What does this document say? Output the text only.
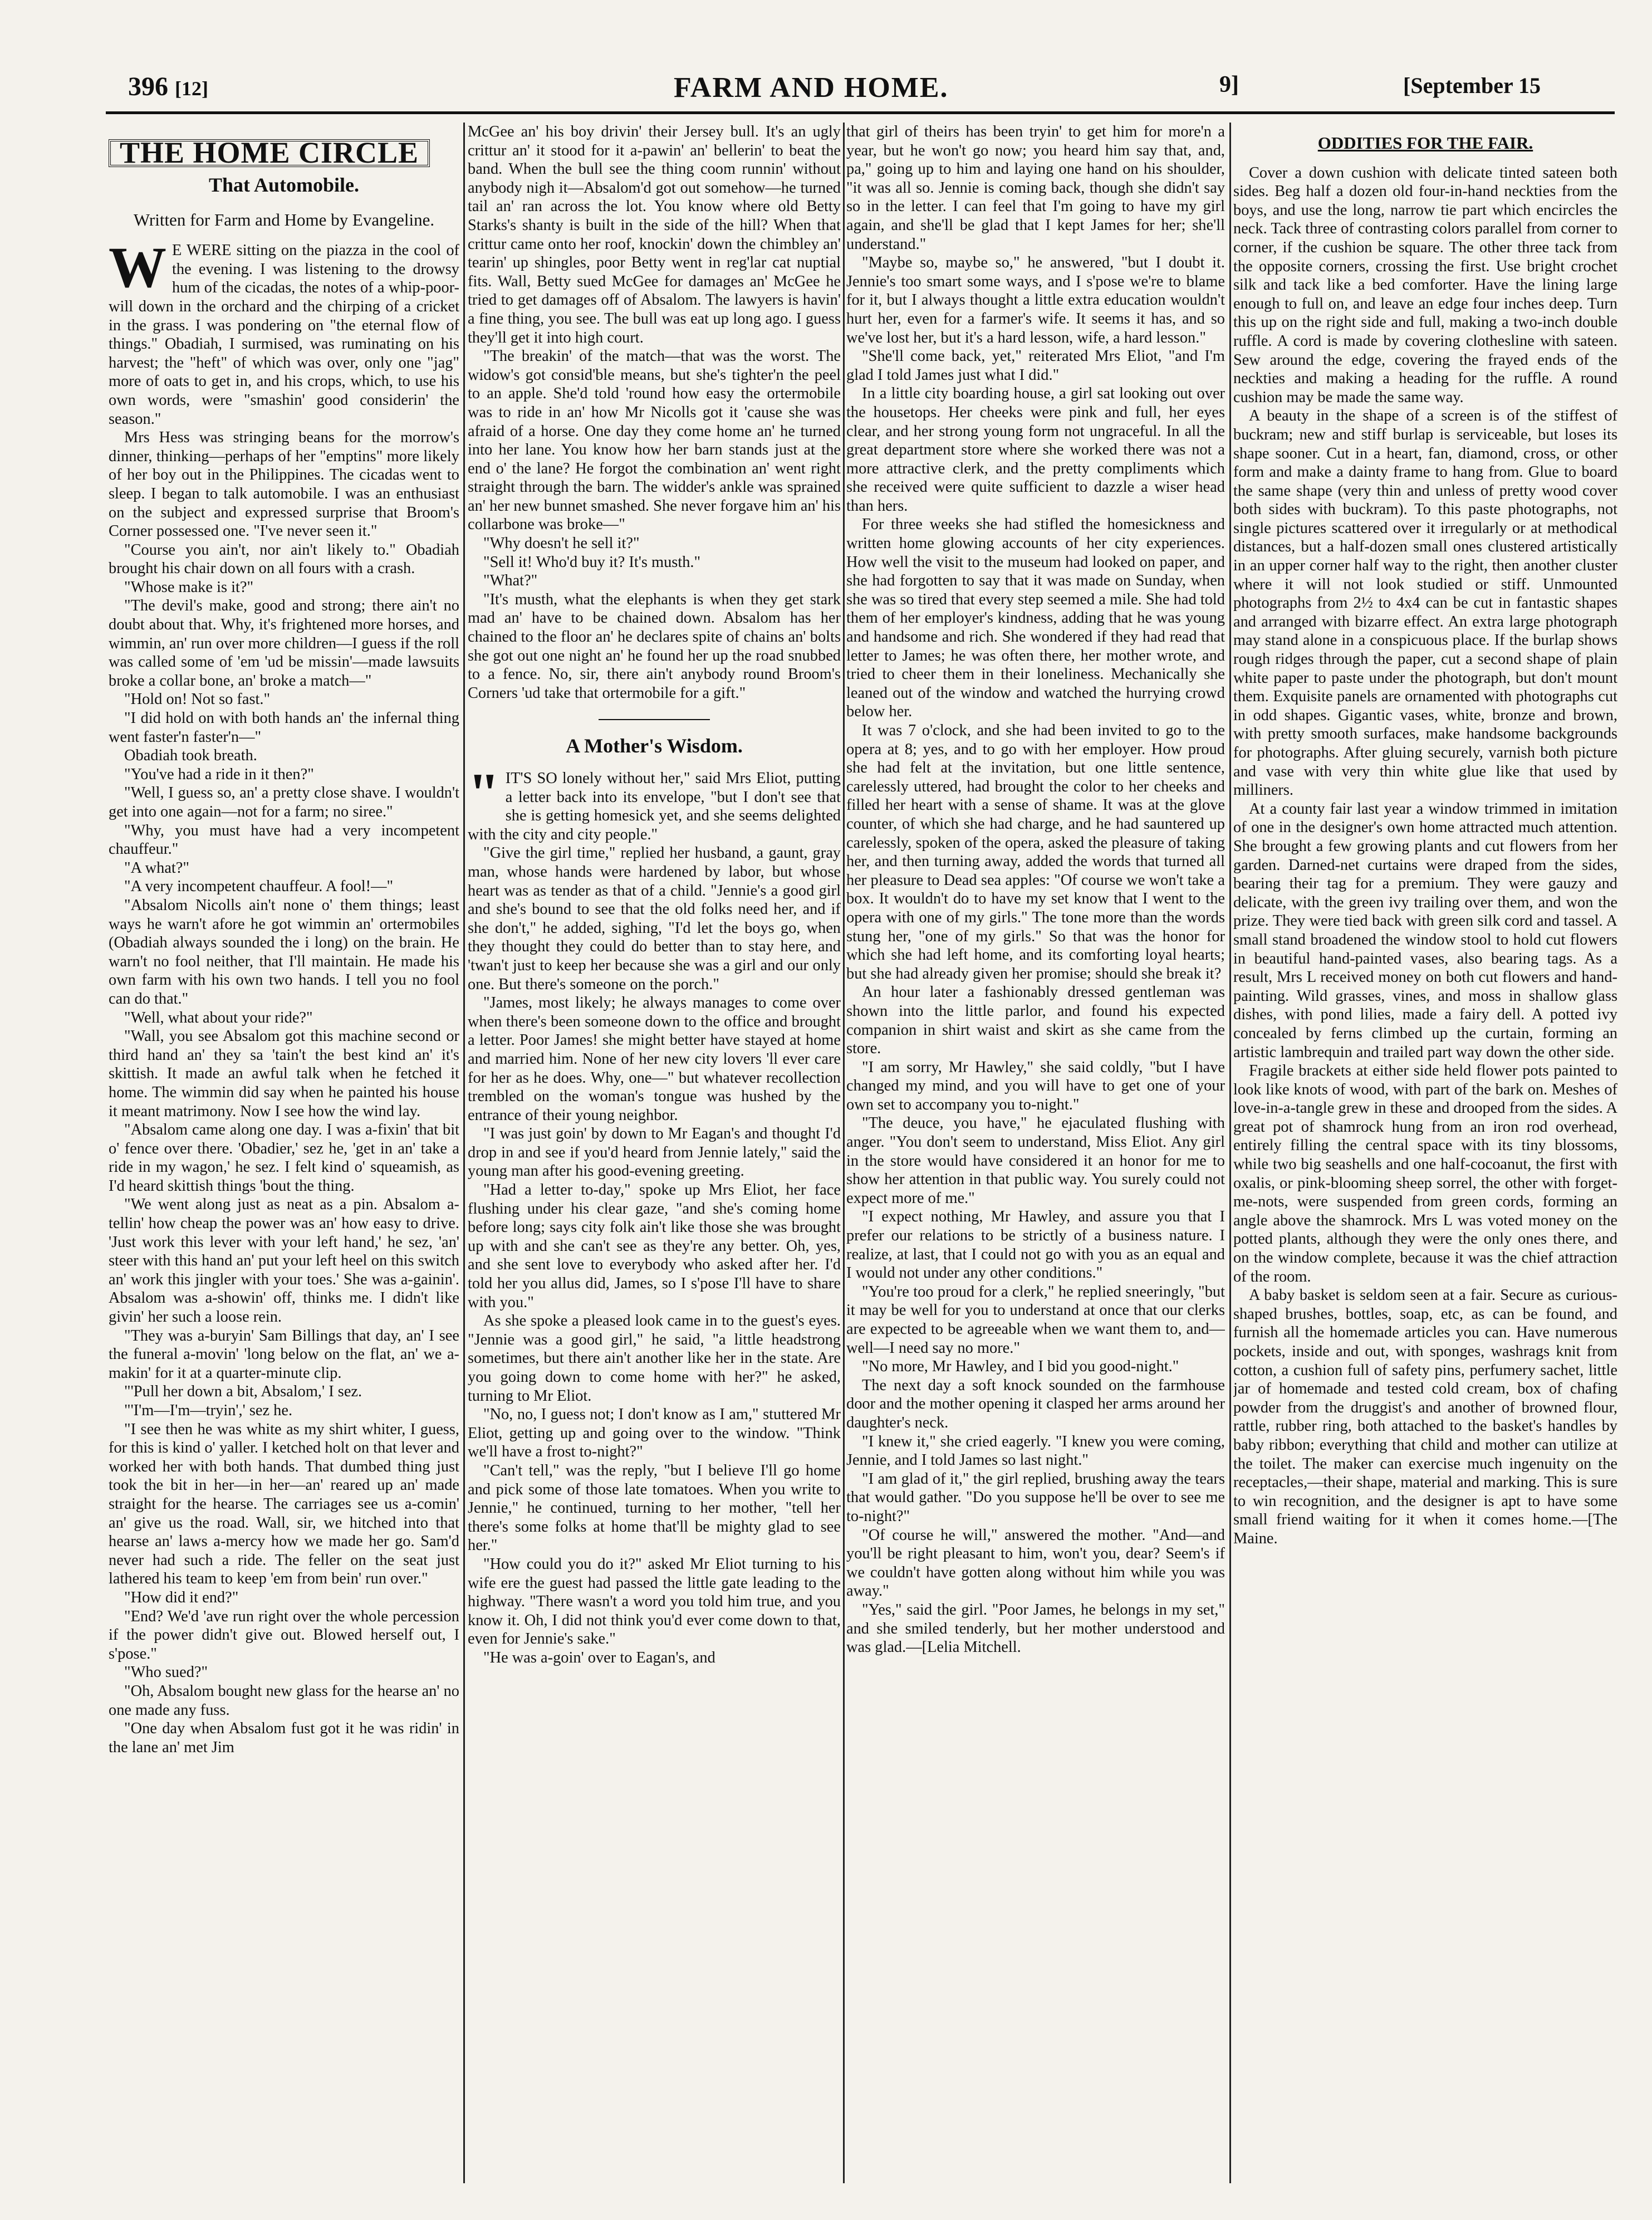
396 [12]	FARM AND HOME.	9]	[September 15
THE HOME CIRCLE
That Automobile.
Written for Farm and Home by Evangeline.

W E WERE sitting on the piazza in the cool of the evening. I was listening to the drowsy hum of the cicadas, the notes of a whip-poor-will down in the orchard and the chirping of a cricket in the grass. I was pondering on "the eternal flow of things." Obadiah, I surmised, was ruminating on his harvest; the "heft" of which was over, only one "jag" more of oats to get in, and his crops, which, to use his own words, were "smashin' good considerin' the season."

Mrs Hess was stringing beans for the morrow's dinner, thinking—perhaps of her "emptins" more likely of her boy out in the Philippines. The cicadas went to sleep. I began to talk automobile. I was an enthusiast on the subject and expressed surprise that Broom's Corner possessed one. "I've never seen it."

"Course you ain't, nor ain't likely to." Obadiah brought his chair down on all fours with a crash.

"Whose make is it?"

"The devil's make, good and strong; there ain't no doubt about that. Why, it's frightened more horses, and wimmin, an' run over more children—I guess if the roll was called some of 'em 'ud be missin'—made lawsuits broke a collar bone, an' broke a match—"

"Hold on! Not so fast."

"I did hold on with both hands an' the infernal thing went faster'n faster'n—"

Obadiah took breath.

"You've had a ride in it then?"

"Well, I guess so, an' a pretty close shave. I wouldn't get into one again—not for a farm; no siree."

"Why, you must have had a very incompetent chauffeur."

"A what?"

"A very incompetent chauffeur. A fool!—"

"Absalom Nicolls ain't none o' them things; least ways he warn't afore he got wimmin an' ortermobiles (Obadiah always sounded the i long) on the brain. He warn't no fool neither, that I'll maintain. He made his own farm with his own two hands. I tell you no fool can do that."

"Well, what about your ride?"

"Wall, you see Absalom got this machine second or third hand an' they sa 'tain't the best kind an' it's skittish. It made an awful talk when he fetched it home. The wimmin did say when he painted his house it meant matrimony. Now I see how the wind lay.

"Absalom came along one day. I was a-fixin' that bit o' fence over there. 'Obadier,' sez he, 'get in an' take a ride in my wagon,' he sez. I felt kind o' squeamish, as I'd heard skittish things 'bout the thing.

"We went along just as neat as a pin. Absalom a-tellin' how cheap the power was an' how easy to drive. 'Just work this lever with your left hand,' he sez, 'an' steer with this hand an' put your left heel on this switch an' work this jingler with your toes.' She was a-gainin'. Absalom was a-showin' off, thinks me. I didn't like givin' her such a loose rein.

"They was a-buryin' Sam Billings that day, an' I see the funeral a-movin' 'long below on the flat, an' we a-makin' for it at a quarter-minute clip.

"'Pull her down a bit, Absalom,' I sez.

"'I'm—I'm—tryin',' sez he.

"I see then he was white as my shirt whiter, I guess, for this is kind o' yaller. I ketched holt on that lever and worked her with both hands. That dumbed thing just took the bit in her—in her—an' reared up an' made straight for the hearse. The carriages see us a-comin' an' give us the road. Wall, sir, we hitched into that hearse an' laws a-mercy how we made her go. Sam'd never had such a ride. The feller on the seat just lathered his team to keep 'em from bein' run over."

"How did it end?"

"End? We'd 'ave run right over the whole percession if the power didn't give out. Blowed herself out, I s'pose."

"Who sued?"

"Oh, Absalom bought new glass for the hearse an' no one made any fuss.

"One day when Absalom fust got it he was ridin' in the lane an' met Jim

McGee an' his boy drivin' their Jersey bull. It's an ugly crittur an' it stood for it a-pawin' an' bellerin' to beat the band. When the bull see the thing coom runnin' without anybody nigh it—Absalom'd got out somehow—he turned tail an' ran across the lot. You know where old Betty Starks's shanty is built in the side of the hill? When that crittur came onto her roof, knockin' down the chimbley an' tearin' up shingles, poor Betty went in reg'lar cat nuptial fits. Wall, Betty sued McGee for damages an' McGee he tried to get damages off of Absalom. The lawyers is havin' a fine thing, you see. The bull was eat up long ago. I guess they'll get it into high court.

"The breakin' of the match—that was the worst. The widow's got consid'ble means, but she's tighter'n the peel to an apple. She'd told 'round how easy the ortermobile was to ride in an' how Mr Nicolls got it 'cause she was afraid of a horse. One day they come home an' he turned into her lane. You know how her barn stands just at the end o' the lane? He forgot the combination an' went right straight through the barn. The widder's ankle was sprained an' her new bunnet smashed. She never forgave him an' his collarbone was broke—"

"Why doesn't he sell it?"

"Sell it! Who'd buy it? It's musth."

"What?"

"It's musth, what the elephants is when they get stark mad an' have to be chained down. Absalom has her chained to the floor an' he declares spite of chains an' bolts she got out one night an' he found her up the road snubbed to a fence. No, sir, there ain't anybody round Broom's Corners 'ud take that ortermobile for a gift."

A Mother's Wisdom.

" IT'S SO lonely without her," said Mrs Eliot, putting a letter back into its envelope, "but I don't see that she is getting homesick yet, and she seems delighted with the city and city people."

"Give the girl time," replied her husband, a gaunt, gray man, whose hands were hardened by labor, but whose heart was as tender as that of a child. "Jennie's a good girl and she's bound to see that the old folks need her, and if she don't," he added, sighing, "I'd let the boys go, when they thought they could do better than to stay here, and 'twan't just to keep her because she was a girl and our only one. But there's someone on the porch."

"James, most likely; he always manages to come over when there's been someone down to the office and brought a letter. Poor James! she might better have stayed at home and married him. None of her new city lovers 'll ever care for her as he does. Why, one—" but whatever recollection trembled on the woman's tongue was hushed by the entrance of their young neighbor.

"I was just goin' by down to Mr Eagan's and thought I'd drop in and see if you'd heard from Jennie lately," said the young man after his good-evening greeting.

"Had a letter to-day," spoke up Mrs Eliot, her face flushing under his clear gaze, "and she's coming home before long; says city folk ain't like those she was brought up with and she can't see as they're any better. Oh, yes, and she sent love to everybody who asked after her. I'd told her you allus did, James, so I s'pose I'll have to share with you."

As she spoke a pleased look came in to the guest's eyes. "Jennie was a good girl," he said, "a little headstrong sometimes, but there ain't another like her in the state. Are you going down to come home with her?" he asked, turning to Mr Eliot.

"No, no, I guess not; I don't know as I am," stuttered Mr Eliot, getting up and going over to the window. "Think we'll have a frost to-night?"

"Can't tell," was the reply, "but I believe I'll go home and pick some of those late tomatoes. When you write to Jennie," he continued, turning to her mother, "tell her there's some folks at home that'll be mighty glad to see her."

"How could you do it?" asked Mr Eliot turning to his wife ere the guest had passed the little gate leading to the highway. "There wasn't a word you told him true, and you know it. Oh, I did not think you'd ever come down to that, even for Jennie's sake."

"He was a-goin' over to Eagan's, and

that girl of theirs has been tryin' to get him for more'n a year, but he won't go now; you heard him say that, and, pa," going up to him and laying one hand on his shoulder, "it was all so. Jennie is coming back, though she didn't say so in the letter. I can feel that I'm going to have my girl again, and she'll be glad that I kept James for her; she'll understand."

"Maybe so, maybe so," he answered, "but I doubt it. Jennie's too smart some ways, and I s'pose we're to blame for it, but I always thought a little extra education wouldn't hurt her, even for a farmer's wife. It seems it has, and so we've lost her, but it's a hard lesson, wife, a hard lesson."

"She'll come back, yet," reiterated Mrs Eliot, "and I'm glad I told James just what I did."

In a little city boarding house, a girl sat looking out over the housetops. Her cheeks were pink and full, her eyes clear, and her strong young form not ungraceful. In all the great department store where she worked there was not a more attractive clerk, and the pretty compliments which she received were quite sufficient to dazzle a wiser head than hers.

For three weeks she had stifled the homesickness and written home glowing accounts of her city experiences. How well the visit to the museum had looked on paper, and she had forgotten to say that it was made on Sunday, when she was so tired that every step seemed a mile. She had told them of her employer's kindness, adding that he was young and handsome and rich. She wondered if they had read that letter to James; he was often there, her mother wrote, and tried to cheer them in their loneliness. Mechanically she leaned out of the window and watched the hurrying crowd below her.

It was 7 o'clock, and she had been invited to go to the opera at 8; yes, and to go with her employer. How proud she had felt at the invitation, but one little sentence, carelessly uttered, had brought the color to her cheeks and filled her heart with a sense of shame. It was at the glove counter, of which she had charge, and he had sauntered up carelessly, spoken of the opera, asked the pleasure of taking her, and then turning away, added the words that turned all her pleasure to Dead sea apples: "Of course we won't take a box. It wouldn't do to have my set know that I went to the opera with one of my girls." The tone more than the words stung her, "one of my girls." So that was the honor for which she had left home, and its comforting loyal hearts; but she had already given her promise; should she break it?

An hour later a fashionably dressed gentleman was shown into the little parlor, and found his expected companion in shirt waist and skirt as she came from the store.

"I am sorry, Mr Hawley," she said coldly, "but I have changed my mind, and you will have to get one of your own set to accompany you to-night."

"The deuce, you have," he ejaculated flushing with anger. "You don't seem to understand, Miss Eliot. Any girl in the store would have considered it an honor for me to show her attention in that public way. You surely could not expect more of me."

"I expect nothing, Mr Hawley, and assure you that I prefer our relations to be strictly of a business nature. I realize, at last, that I could not go with you as an equal and I would not under any other conditions."

"You're too proud for a clerk," he replied sneeringly, "but it may be well for you to understand at once that our clerks are expected to be agreeable when we want them to, and—well—I need say no more."

"No more, Mr Hawley, and I bid you good-night."

The next day a soft knock sounded on the farmhouse door and the mother opening it clasped her arms around her daughter's neck.

"I knew it," she cried eagerly. "I knew you were coming, Jennie, and I told James so last night."

"I am glad of it," the girl replied, brushing away the tears that would gather. "Do you suppose he'll be over to see me to-night?"

"Of course he will," answered the mother. "And—and you'll be right pleasant to him, won't you, dear? Seem's if we couldn't have gotten along without him while you was away."

"Yes," said the girl. "Poor James, he belongs in my set," and she smiled tenderly, but her mother understood and was glad.—[Lelia Mitchell.

ODDITIES FOR THE FAIR.

Cover a down cushion with delicate tinted sateen both sides. Beg half a dozen old four-in-hand neckties from the boys, and use the long, narrow tie part which encircles the neck. Tack three of contrasting colors parallel from corner to corner, if the cushion be square. The other three tack from the opposite corners, crossing the first. Use bright crochet silk and tack like a bed comforter. Have the lining large enough to full on, and leave an edge four inches deep. Turn this up on the right side and full, making a two-inch double ruffle. A cord is made by covering clothesline with sateen. Sew around the edge, covering the frayed ends of the neckties and making a heading for the ruffle. A round cushion may be made the same way.

A beauty in the shape of a screen is of the stiffest of buckram; new and stiff burlap is serviceable, but loses its shape sooner. Cut in a heart, fan, diamond, cross, or other form and make a dainty frame to hang from. Glue to board the same shape (very thin and unless of pretty wood cover both sides with buckram). To this paste photographs, not single pictures scattered over it irregularly or at methodical distances, but a half-dozen small ones clustered artistically in an upper corner half way to the right, then another cluster where it will not look studied or stiff. Unmounted photographs from 2½ to 4x4 can be cut in fantastic shapes and arranged with bizarre effect. An extra large photograph may stand alone in a conspicuous place. If the burlap shows rough ridges through the paper, cut a second shape of plain white paper to paste under the photograph, but don't mount them. Exquisite panels are ornamented with photographs cut in odd shapes. Gigantic vases, white, bronze and brown, with pretty smooth surfaces, make handsome backgrounds for photographs. After gluing securely, varnish both picture and vase with very thin white glue like that used by milliners.

At a county fair last year a window trimmed in imitation of one in the designer's own home attracted much attention. She brought a few growing plants and cut flowers from her garden. Darned-net curtains were draped from the sides, bearing their tag for a premium. They were gauzy and delicate, with the green ivy trailing over them, and won the prize. They were tied back with green silk cord and tassel. A small stand broadened the window stool to hold cut flowers in beautiful hand-painted vases, also bearing tags. As a result, Mrs L received money on both cut flowers and hand-painting. Wild grasses, vines, and moss in shallow glass dishes, with pond lilies, made a fairy dell. A potted ivy concealed by ferns climbed up the curtain, forming an artistic lambrequin and trailed part way down the other side.

Fragile brackets at either side held flower pots painted to look like knots of wood, with part of the bark on. Meshes of love-in-a-tangle grew in these and drooped from the sides. A great pot of shamrock hung from an iron rod overhead, entirely filling the central space with its tiny blossoms, while two big seashells and one half-cocoanut, the first with oxalis, or pink-blooming sheep sorrel, the other with forget-me-nots, were suspended from green cords, forming an angle above the shamrock. Mrs L was voted money on the potted plants, although they were the only ones there, and on the window complete, because it was the chief attraction of the room.

A baby basket is seldom seen at a fair. Secure as curious-shaped brushes, bottles, soap, etc, as can be found, and furnish all the homemade articles you can. Have numerous pockets, inside and out, with sponges, washrags knit from cotton, a cushion full of safety pins, perfumery sachet, little jar of homemade and tested cold cream, box of chafing powder from the druggist's and another of browned flour, rattle, rubber ring, both attached to the basket's handles by baby ribbon; everything that child and mother can utilize at the toilet. The maker can exercise much ingenuity on the receptacles,—their shape, material and marking. This is sure to win recognition, and the designer is apt to have some small friend waiting for it when it comes home.—[The Maine.
